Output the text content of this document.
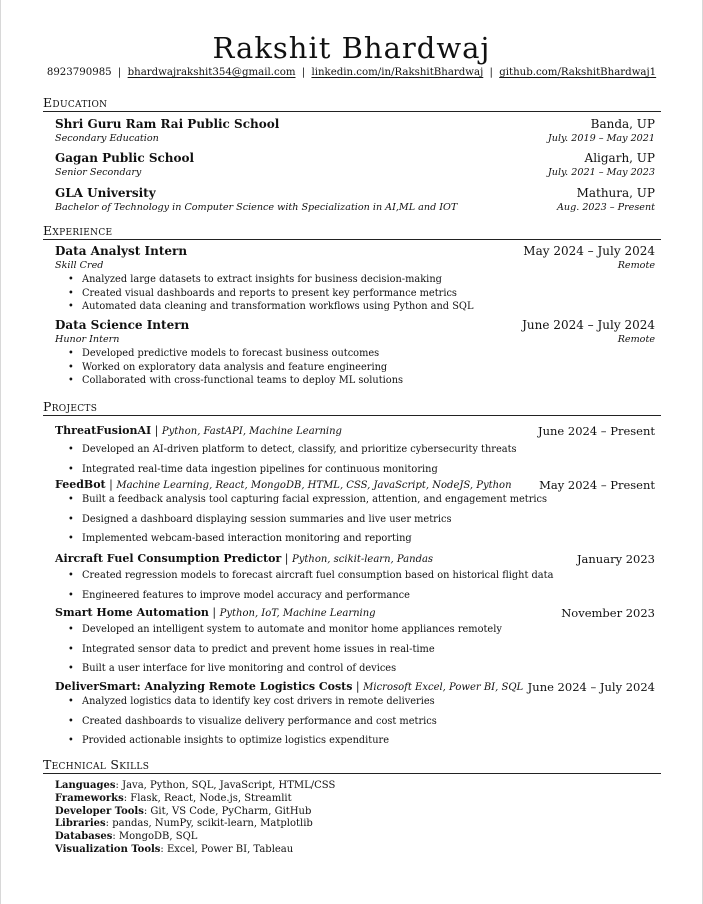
Rakshit Bhardwaj
8923790985 | bhardwajrakshit354@gmail.com | linkedin.com/in/RakshitBhardwaj | github.com/RakshitBhardwaj1
Education
Shri Guru Ram Rai Public School	Banda, UP
Secondary Education	July. 2019 – May 2021
Gagan Public School	Aligarh, UP
Senior Secondary	July. 2021 – May 2023
GLA University	Mathura, UP
Bachelor of Technology in Computer Science with Specialization in AI,ML and IOT	Aug. 2023 – Present
Experience
Data Analyst Intern	May 2024 – July 2024
Skill Cred	Remote
• Analyzed large datasets to extract insights for business decision-making
• Created visual dashboards and reports to present key performance metrics
• Automated data cleaning and transformation workflows using Python and SQL
Data Science Intern	June 2024 – July 2024
Hunor Intern	Remote
• Developed predictive models to forecast business outcomes
• Worked on exploratory data analysis and feature engineering
• Collaborated with cross-functional teams to deploy ML solutions
Projects
ThreatFusionAI | Python, FastAPI, Machine Learning	June 2024 – Present
• Developed an AI-driven platform to detect, classify, and prioritize cybersecurity threats
• Integrated real-time data ingestion pipelines for continuous monitoring
FeedBot | Machine Learning, React, MongoDB, HTML, CSS, JavaScript, NodeJS, Python May 2024 – Present
• Built a feedback analysis tool capturing facial expression, attention, and engagement metrics
• Designed a dashboard displaying session summaries and live user metrics
• Implemented webcam-based interaction monitoring and reporting
Aircraft Fuel Consumption Predictor | Python, scikit-learn, Pandas	January 2023
• Created regression models to forecast aircraft fuel consumption based on historical flight data
• Engineered features to improve model accuracy and performance
Smart Home Automation | Python, IoT, Machine Learning	November 2023
• Developed an intelligent system to automate and monitor home appliances remotely
• Integrated sensor data to predict and prevent home issues in real-time
• Built a user interface for live monitoring and control of devices
DeliverSmart: Analyzing Remote Logistics Costs | Microsoft Excel, Power BI, SQL June 2024 – July 2024
• Analyzed logistics data to identify key cost drivers in remote deliveries
• Created dashboards to visualize delivery performance and cost metrics
• Provided actionable insights to optimize logistics expenditure
Technical Skills
Languages: Java, Python, SQL, JavaScript, HTML/CSS
Frameworks: Flask, React, Node.js, Streamlit
Developer Tools: Git, VS Code, PyCharm, GitHub
Libraries: pandas, NumPy, scikit-learn, Matplotlib
Databases: MongoDB, SQL
Visualization Tools: Excel, Power BI, Tableau
